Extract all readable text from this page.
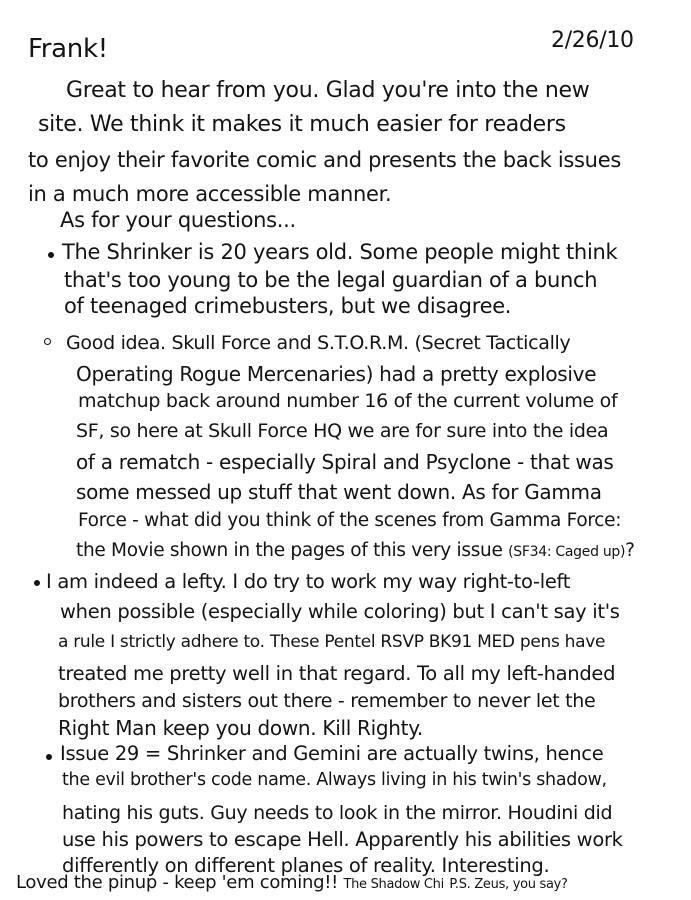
Frank!	2/26/10
Great to hear from you. Glad you're into the new
site. We think it makes it much easier for readers
to enjoy their favorite comic and presents the back issues
in a much more accessible manner.
As for your questions...
The Shrinker is 20 years old. Some people might think
that's too young to be the legal guardian of a bunch
of teenaged crimebusters, but we disagree.
Good idea. Skull Force and S.T.O.R.M. (Secret Tactically
Operating Rogue Mercenaries) had a pretty explosive
matchup back around number 16 of the current volume of
SF, so here at Skull Force HQ we are for sure into the idea
of a rematch - especially Spiral and Psyclone - that was
some messed up stuff that went down. As for Gamma
Force - what did you think of the scenes from Gamma Force:
the Movie shown in the pages of this very issue (SF34: Caged up)?
I am indeed a lefty. I do try to work my way right-to-left
when possible (especially while coloring) but I can't say it's
a rule I strictly adhere to. These Pentel RSVP BK91 MED pens have
treated me pretty well in that regard. To all my left-handed
brothers and sisters out there - remember to never let the
Right Man keep you down. Kill Righty.
Issue 29 = Shrinker and Gemini are actually twins, hence
the evil brother's code name. Always living in his twin's shadow,
hating his guts. Guy needs to look in the mirror. Houdini did
use his powers to escape Hell. Apparently his abilities work
differently on different planes of reality. Interesting.
Loved the pinup - keep 'em coming!! The Shadow Chi P.S. Zeus, you say?
